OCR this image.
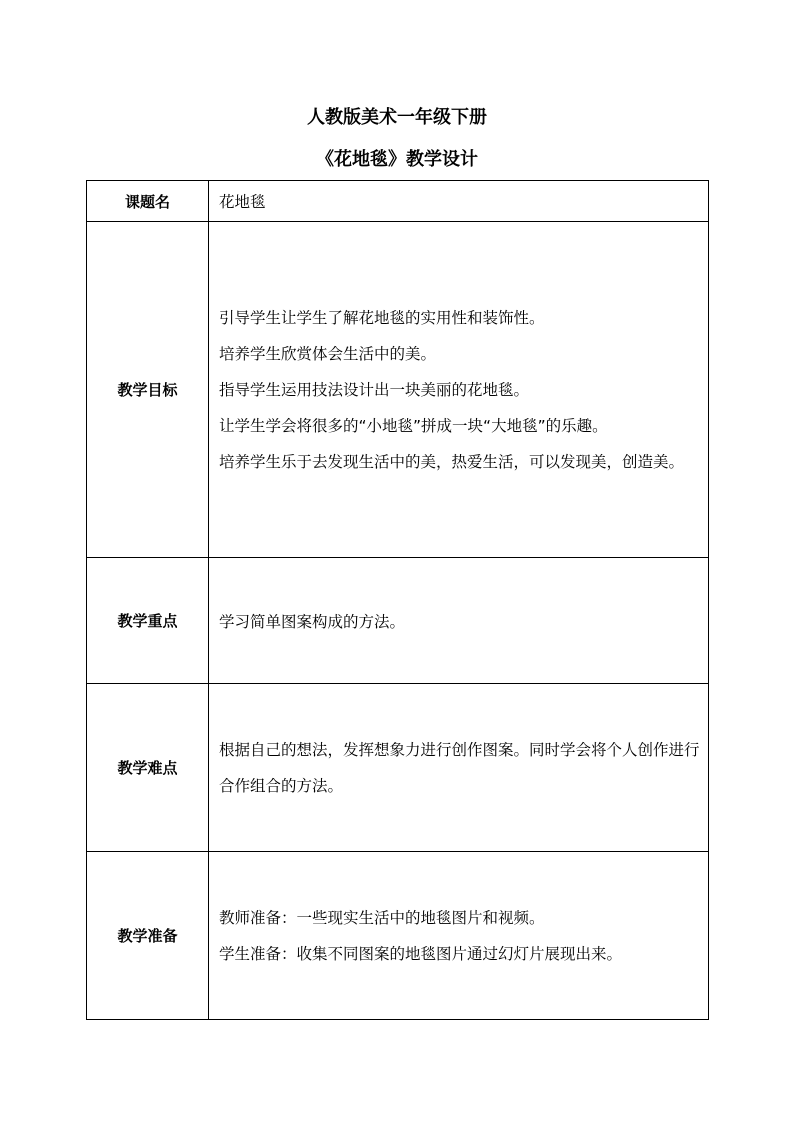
人教版美术一年级下册
《花地毯》教学设计
课题名	花地毯
教学目标	引导学生让学生了解花地毯的实用性和装饰性。
培养学生欣赏体会生活中的美。
指导学生运用技法设计出一块美丽的花地毯。
让学生学会将很多的“小地毯”拼成一块“大地毯”的乐趣。
培养学生乐于去发现生活中的美，热爱生活，可以发现美，创造美。

教学重点	学习简单图案构成的方法。
教学难点	根据自己的想法，发挥想象力进行创作图案。同时学会将个人创作进行合作组合的方法。

教学准备	教师准备：一些现实生活中的地毯图片和视频。
学生准备：收集不同图案的地毯图片通过幻灯片展现出来。
